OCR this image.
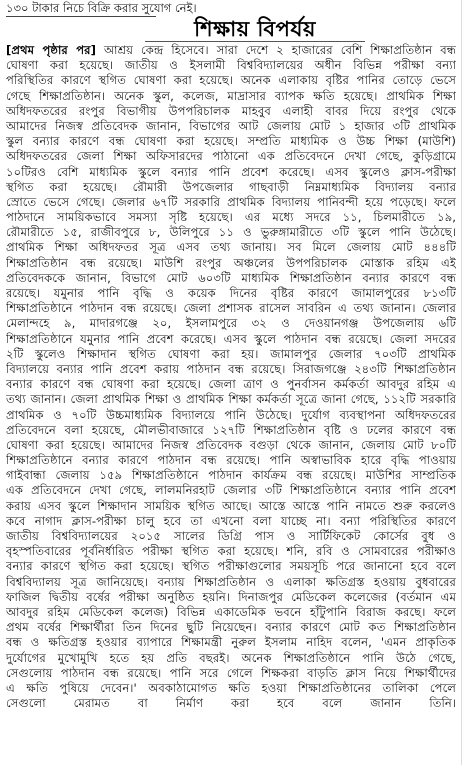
১৩০ টাকার নিচে বিক্রি করার সুযোগ নেই।
শিক্ষায় বিপর্যয়
[প্রথম পৃষ্ঠার পর] আশ্রয় কেন্দ্র হিসেবে। সারা দেশে ২ হাজারের বেশি শিক্ষাপ্রতিষ্ঠান বন্ধ
ঘোষণা করা হয়েছে। জাতীয় ও ইসলামী বিশ্ববিদ্যালয়ের অধীন বিভিন্ন পরীক্ষা বন্যা
পরিস্থিতির কারণে স্থগিত ঘোষণা করা হয়েছে। অনেক এলাকায় বৃষ্টির পানির তোড়ে ভেসে
গেছে শিক্ষাপ্রতিষ্ঠান। অনেক স্কুল, কলেজ, মাদ্রাসার ব্যাপক ক্ষতি হয়েছে। প্রাথমিক শিক্ষা
অধিদফতরের রংপুর বিভাগীয় উপপরিচালক মাহবুব এলাহী বাবর দিয়ে রংপুর থেকে
আমাদের নিজস্ব প্রতিবেদক জানান, বিভাগের আট জেলায় মোট ১ হাজার ৩টি প্রাথমিক
স্কুল বন্যার কারণে বন্ধ ঘোষণা করা হয়েছে। সম্প্রতি মাধ্যমিক ও উচ্চ শিক্ষা (মাউশি)
অধিদফতরের জেলা শিক্ষা অফিসারদের পাঠানো এক প্রতিবেদনে দেখা গেছে, কুড়িগ্রামে
১০টিরও বেশি মাধ্যমিক স্কুলে বন্যার পানি প্রবেশ করেছে। এসব স্কুলেও ক্লাস-পরীক্ষা
স্থগিত করা হয়েছে। রৌমারী উপজেলার গাছবাড়ী নিম্নমাধ্যমিক বিদ্যালয় বন্যার
স্রোতে ভেসে গেছে। জেলার ৬৭টি সরকারি প্রাথমিক বিদ্যালয় পানিবন্দী হয়ে পড়েছে। ফলে
পাঠদানে সাময়িকভাবে সমস্যা সৃষ্টি হয়েছে। এর মধ্যে সদরে ১১, চিলমারীতে ১৯,
রৌমারীতে ১৫, রাজীবপুরে ৮, উলিপুরে ১১ ও ভুরুঙ্গামারীতে ৩টি স্কুলে পানি উঠেছে।
প্রাথমিক শিক্ষা অধিদফতর সূত্র এসব তথ্য জানায়। সব মিলে জেলায় মোট ৪৪৪টি
শিক্ষাপ্রতিষ্ঠান বন্ধ রয়েছে। মাউশি রংপুর অঞ্চলের উপপরিচালক মোস্তাক রহিম এই
প্রতিবেদককে জানান, বিভাগে মোট ৬০৩টি মাধ্যমিক শিক্ষাপ্রতিষ্ঠান বন্যার কারণে বন্ধ
রয়েছে। যমুনার পানি বৃদ্ধি ও কয়েক দিনের বৃষ্টির কারণে জামালপুরের ৮১৩টি
শিক্ষাপ্রতিষ্ঠানে পাঠদান বন্ধ রয়েছে। জেলা প্রশাসক রাসেল সাবরিন এ তথ্য জানান। জেলার
মেলান্দহে ৯, মাদারগঞ্জে ২০, ইসলামপুরে ৩২ ও দেওয়ানগঞ্জ উপজেলায় ৬টি
শিক্ষাপ্রতিষ্ঠানে যমুনার পানি প্রবেশ করেছে। এসব স্কুলে পাঠদান বন্ধ রয়েছে। জেলা সদরের
২টি স্কুলেও শিক্ষাদান স্থগিত ঘোষণা করা হয়। জামালপুর জেলার ৭০৩টি প্রাথমিক
বিদ্যালয়ে বন্যার পানি প্রবেশ করায় পাঠদান বন্ধ রয়েছে। সিরাজগঞ্জে ২৪৩টি শিক্ষাপ্রতিষ্ঠান
বন্যার কারণে বন্ধ ঘোষণা করা হয়েছে। জেলা ত্রাণ ও পুনর্বাসন কর্মকর্তা আবদুর রহিম এ
তথ্য জানান। জেলা প্রাথমিক শিক্ষা ও প্রাথমিক শিক্ষা কর্মকর্তা সূত্রে জানা গেছে, ১১২টি সরকারি
প্রাথমিক ও ৭০টি উচ্চমাধ্যমিক বিদ্যালয়ে পানি উঠেছে। দুর্যোগ ব্যবস্থাপনা অধিদফতরের
প্রতিবেদনে বলা হয়েছে, মৌলভীবাজারে ১২৭টি শিক্ষাপ্রতিষ্ঠান বৃষ্টি ও ঢলের কারণে বন্ধ
ঘোষণা করা হয়েছে। আমাদের নিজস্ব প্রতিবেদক বগুড়া থেকে জানান, জেলায় মোট ৮০টি
শিক্ষাপ্রতিষ্ঠানে বন্যার কারণে পাঠদান বন্ধ রয়েছে। পানি অস্বাভাবিক হারে বৃদ্ধি পাওয়ায়
গাইবান্ধা জেলায় ১৫৯ শিক্ষাপ্রতিষ্ঠানে পাঠদান কার্যক্রম বন্ধ রয়েছে। মাউশির সাম্প্রতিক
এক প্রতিবেদনে দেখা গেছে, লালমনিরহাট জেলার ৩টি শিক্ষাপ্রতিষ্ঠানে বন্যার পানি প্রবেশ
করায় এসব স্কুলে শিক্ষাদান সাময়িক স্থগিত আছে। আস্তে আস্তে পানি নামতে শুরু করলেও
কবে নাগাদ ক্লাস-পরীক্ষা চালু হবে তা এখনো বলা যাচ্ছে না। বন্যা পরিস্থিতির কারণে
জাতীয় বিশ্ববিদ্যালয়ের ২০১৫ সালের ডিগ্রি পাস ও সার্টিফিকেট কোর্সের বুধ ও
বৃহস্পতিবারের পূর্বনির্ধারিত পরীক্ষা স্থগিত করা হয়েছে। শনি, রবি ও সোমবারের পরীক্ষাও
বন্যার কারণে স্থগিত করা হয়েছে। স্থগিত পরীক্ষাগুলোর সময়সূচি পরে জানানো হবে বলে
বিশ্ববিদ্যালয় সূত্র জানিয়েছে। বন্যায় শিক্ষাপ্রতিষ্ঠান ও এলাকা ক্ষতিগ্রস্ত হওয়ায় বুধবারের
ফাজিল দ্বিতীয় বর্ষের পরীক্ষা অনুষ্ঠিত হয়নি। দিনাজপুর মেডিকেল কলেজের (বর্তমান এম
আবদুর রহিম মেডিকেল কলেজ) বিভিন্ন একাডেমিক ভবনে হাঁটুপানি বিরাজ করছে। ফলে
প্রথম বর্ষের শিক্ষার্থীরা তিন দিনের ছুটি নিয়েছেন। বন্যার কারণে মোট কত শিক্ষাপ্রতিষ্ঠান
বন্ধ ও ক্ষতিগ্রস্ত হওয়ার ব্যাপারে শিক্ষামন্ত্রী নুরুল ইসলাম নাহিদ বলেন, 'এমন প্রাকৃতিক
দুর্যোগের মুখোমুখি হতে হয় প্রতি বছরই। অনেক শিক্ষাপ্রতিষ্ঠানে পানি উঠে গেছে,
সেগুলোয় পাঠদান বন্ধ রয়েছে। পানি সরে গেলে শিক্ষকরা বাড়তি ক্লাস নিয়ে শিক্ষার্থীদের
এ ক্ষতি পুষিয়ে দেবেন।' অবকাঠামোগত ক্ষতি হওয়া শিক্ষাপ্রতিষ্ঠানের তালিকা পেলে
সেগুলো মেরামত বা নির্মাণ করা হবে বলে জানান তিনি।
